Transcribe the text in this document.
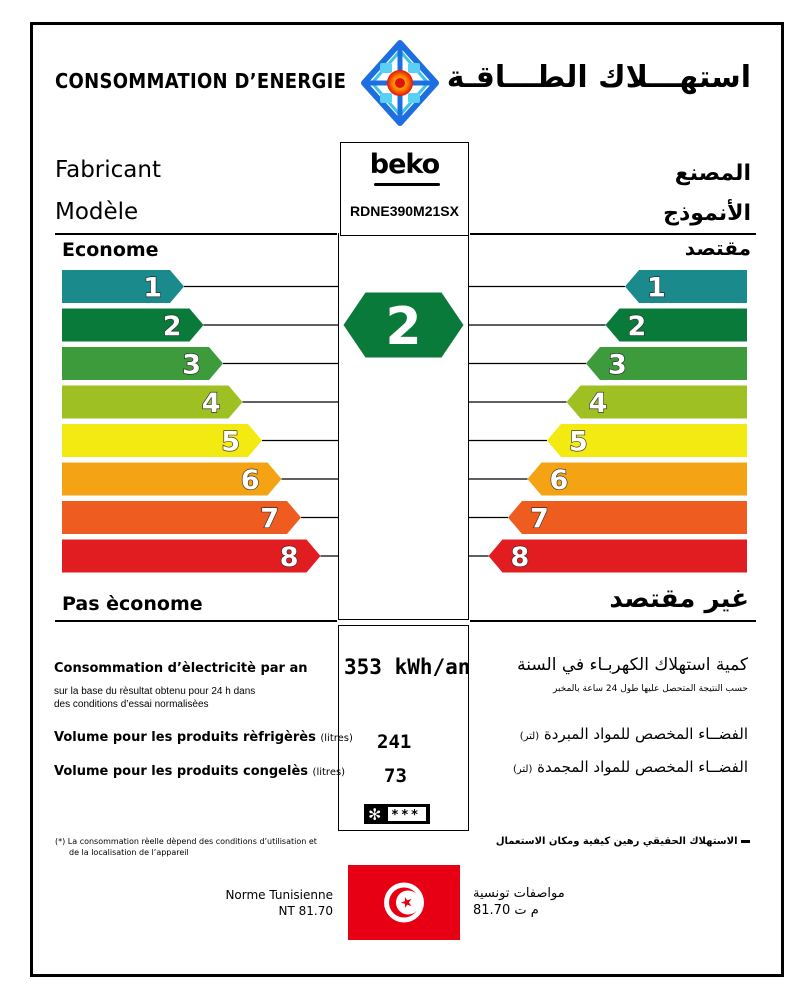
CONSOMMATION D’ENERGIE	استهـــلاك الطـــاقـة
Fabricant
Modèle
المصنع
الأنموذج
beko
RDNE390M21SX
Econome	مقتصد
1	1
2	2
3	3
4	4
5	5
6	6
7	7
8	8
2
Pas èconome	غير مقتصد
Consommation d’èlectricitè par an
sur la base du rèsultat obtenu pour 24 h dans
des conditions d’essai normalisèes
353 kWh/an	كمية استهلاك الكهربـاء في السنة
حسب النتيجة المتحصل عليها طول 24 ساعة بالمخبر
Volume pour les produits rèfrigèrès (litres) 241	الفضــاء المخصص للمواد المبردة (لتر)
Volume pour les produits congelès (litres) 73	الفضــاء المخصص للمواد المجمدة (لتر)
✻ ***
(*) La consommation rèelle dèpend des conditions d’utilisation et
de la localisation de l’appareil
الاستهلاك الحقيقي رهين كيفية ومكان الاستعمال
Norme Tunisienne
NT 81.70
مواصفات تونسية
م ت 81.70
